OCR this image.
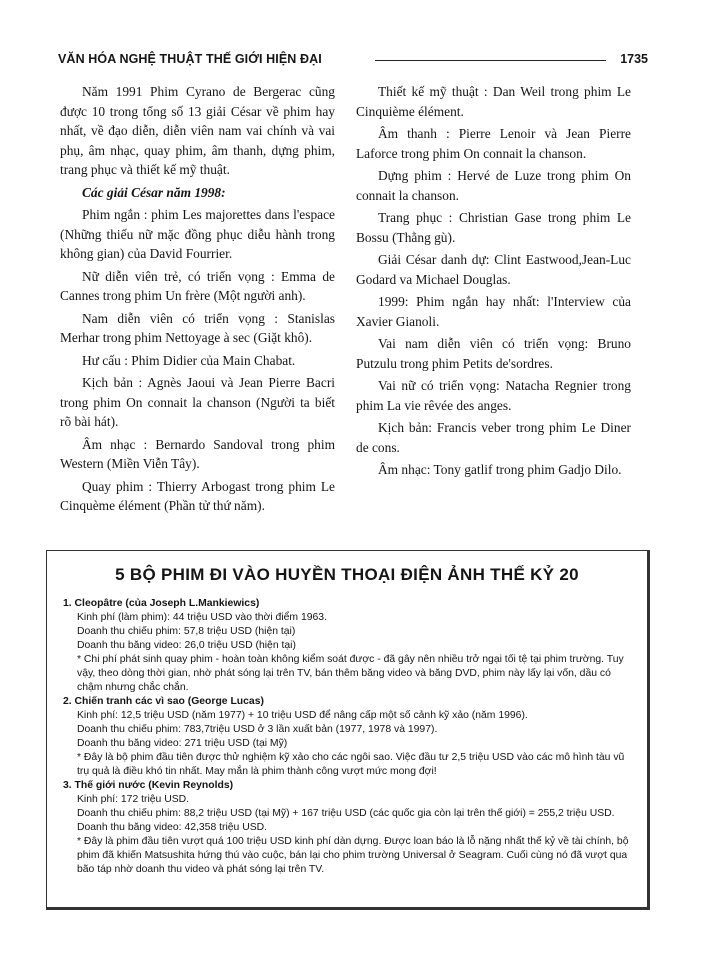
VĂN HÓA NGHỆ THUẬT THẾ GIỚI HIỆN ĐẠI	1735

Năm 1991 Phim Cyrano de Bergerac cũng được 10 trong tổng số 13 giải César về phim hay nhất, về đạo diễn, diễn viên nam vai chính và vai phụ, âm nhạc, quay phim, âm thanh, dựng phim, trang phục và thiết kế mỹ thuật.

Các giải César năm 1998:

Phim ngắn : phim Les majorettes dans l'espace (Những thiếu nữ mặc đồng phục diễu hành trong không gian) của David Fourrier.

Nữ diễn viên trẻ, có triển vọng : Emma de Cannes trong phim Un frère (Một người anh).

Nam diễn viên có triển vọng : Stanislas Merhar trong phim Nettoyage à sec (Giặt khô).

Hư cấu : Phim Didier của Main Chabat.

Kịch bản : Agnès Jaoui và Jean Pierre Bacri trong phim On connait la chanson (Người ta biết rõ bài hát).

Âm nhạc : Bernardo Sandoval trong phim Western (Miền Viễn Tây).

Quay phim : Thierry Arbogast trong phim Le Cinquème élément (Phần tử thứ năm).

Thiết kế mỹ thuật : Dan Weil trong phim Le Cinquième élément.

Âm thanh : Pierre Lenoir và Jean Pierre Laforce trong phim On connait la chanson.

Dựng phim : Hervé de Luze trong phim On connait la chanson.

Trang phục : Christian Gase trong phim Le Bossu (Thằng gù).

Giải César danh dự: Clint Eastwood,Jean-Luc Godard va Michael Douglas.

1999: Phim ngắn hay nhất: l'Interview của Xavier Gianoli.

Vai nam diễn viên có triển vọng: Bruno Putzulu trong phim Petits de'sordres.

Vai nữ có triển vọng: Natacha Regnier trong phim La vie rêvée des anges.

Kịch bản: Francis veber trong phim Le Diner de cons.

Âm nhạc: Tony gatlif trong phim Gadjo Dilo.

5 BỘ PHIM ĐI VÀO HUYỀN THOẠI ĐIỆN ẢNH THẾ KỶ 20

1. Cleopâtre (của Joseph L.Mankiewics)

Kinh phí (làm phim): 44 triệu USD vào thời điểm 1963.

Doanh thu chiếu phim: 57,8 triệu USD (hiện tại)

Doanh thu băng video: 26,0 triệu USD (hiện tại)

* Chi phí phát sinh quay phim - hoàn toàn không kiểm soát được - đã gây nên nhiều trở ngại tối tệ tại phim trường. Tuy vậy, theo dòng thời gian, nhờ phát sóng lại trên TV, bán thêm băng video và băng DVD, phim này lấy lại vốn, dầu có chậm nhưng chắc chắn.

2. Chiến tranh các vì sao (George Lucas)

Kinh phí: 12,5 triệu USD (năm 1977) + 10 triệu USD để nâng cấp một số cảnh kỹ xảo (năm 1996).

Doanh thu chiếu phim: 783,7triệu USD ở 3 lần xuất bản (1977, 1978 và 1997).

Doanh thu băng video: 271 triệu USD (tại Mỹ)

* Đây là bộ phim đầu tiên được thử nghiệm kỹ xảo cho các ngôi sao. Việc đầu tư 2,5 triệu USD vào các mô hình tàu vũ trụ quả là điều khó tin nhất. May mắn là phim thành công vượt mức mong đợi!

3. Thế giới nước (Kevin Reynolds)

Kinh phí: 172 triệu USD.

Doanh thu chiếu phim: 88,2 triệu USD (tại Mỹ) + 167 triệu USD (các quốc gia còn lại trên thế giới) = 255,2 triệu USD.

Doanh thu băng video: 42,358 triệu USD.

* Đây là phim đầu tiên vượt quá 100 triệu USD kinh phí dàn dựng. Được loan báo là lỗ nặng nhất thế kỷ về tài chính, bộ phim đã khiến Matsushita hứng thú vào cuộc, bán lại cho phim trường Universal ở Seagram. Cuối cùng nó đã vượt qua bão táp nhờ doanh thu video và phát sóng lại trên TV.
